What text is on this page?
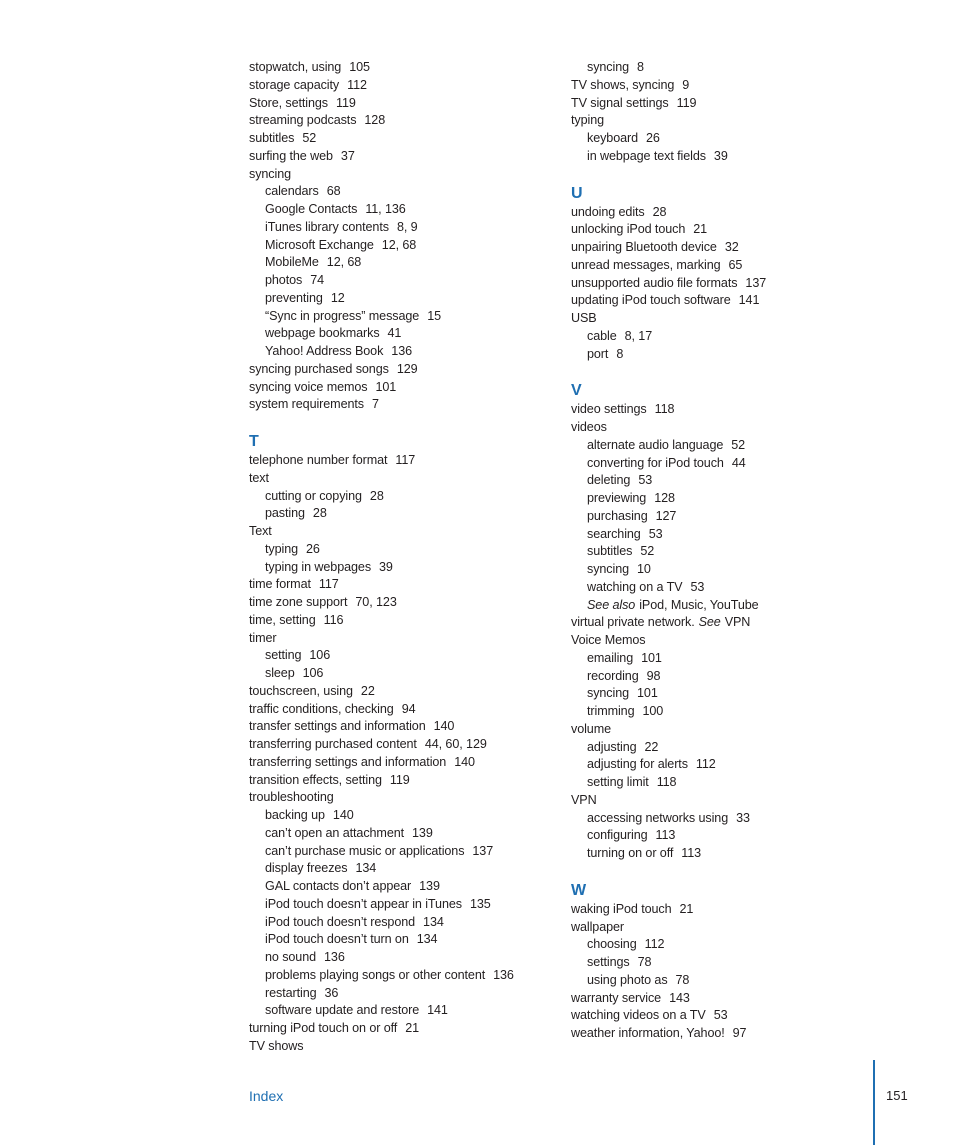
stopwatch, using 105
storage capacity 112
Store, settings 119
streaming podcasts 128
subtitles 52
surfing the web 37
syncing
calendars 68
Google Contacts 11, 136
iTunes library contents 8, 9
Microsoft Exchange 12, 68
MobileMe 12, 68
photos 74
preventing 12
“Sync in progress” message 15
webpage bookmarks 41
Yahoo! Address Book 136
syncing purchased songs 129
syncing voice memos 101
system requirements 7
T
telephone number format 117
text
cutting or copying 28
pasting 28
Text
typing 26
typing in webpages 39
time format 117
time zone support 70, 123
time, setting 116
timer
setting 106
sleep 106
touchscreen, using 22
traffic conditions, checking 94
transfer settings and information 140
transferring purchased content 44, 60, 129
transferring settings and information 140
transition effects, setting 119
troubleshooting
backing up 140
can’t open an attachment 139
can’t purchase music or applications 137
display freezes 134
GAL contacts don’t appear 139
iPod touch doesn’t appear in iTunes 135
iPod touch doesn’t respond 134
iPod touch doesn’t turn on 134
no sound 136
problems playing songs or other content 136
restarting 36
software update and restore 141
turning iPod touch on or off 21
TV shows
syncing 8
TV shows, syncing 9
TV signal settings 119
typing
keyboard 26
in webpage text fields 39
U
undoing edits 28
unlocking iPod touch 21
unpairing Bluetooth device 32
unread messages, marking 65
unsupported audio file formats 137
updating iPod touch software 141
USB
cable 8, 17
port 8
V
video settings 118
videos
alternate audio language 52
converting for iPod touch 44
deleting 53
previewing 128
purchasing 127
searching 53
subtitles 52
syncing 10
watching on a TV 53
See also iPod, Music, YouTube
virtual private network. See VPN
Voice Memos
emailing 101
recording 98
syncing 101
trimming 100
volume
adjusting 22
adjusting for alerts 112
setting limit 118
VPN
accessing networks using 33
configuring 113
turning on or off 113
W
waking iPod touch 21
wallpaper
choosing 112
settings 78
using photo as 78
warranty service 143
watching videos on a TV 53
weather information, Yahoo! 97
Index	151
